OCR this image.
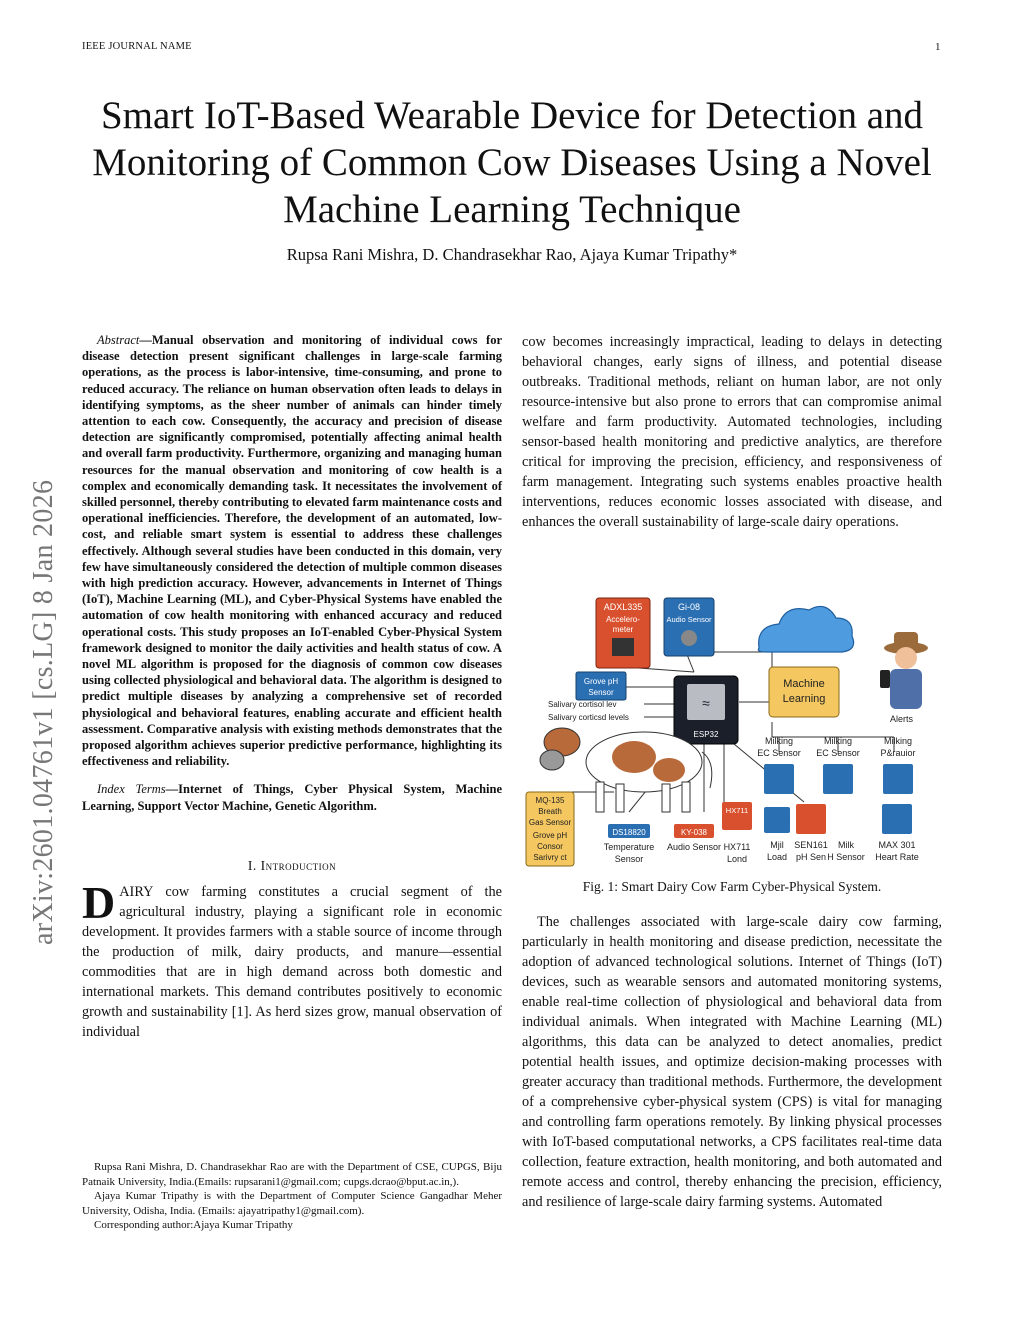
IEEE JOURNAL NAME	1
Smart IoT-Based Wearable Device for Detection and Monitoring of Common Cow Diseases Using a Novel Machine Learning Technique
Rupsa Rani Mishra, D. Chandrasekhar Rao, Ajaya Kumar Tripathy*
arXiv:2601.04761v1 [cs.LG] 8 Jan 2026

Abstract—Manual observation and monitoring of individual cows for disease detection present significant challenges in large-scale farming operations, as the process is labor-intensive, time-consuming, and prone to reduced accuracy. The reliance on human observation often leads to delays in identifying symptoms, as the sheer number of animals can hinder timely attention to each cow. Consequently, the accuracy and precision of disease detection are significantly compromised, potentially affecting animal health and overall farm productivity. Furthermore, organizing and managing human resources for the manual observation and monitoring of cow health is a complex and economically demanding task. It necessitates the involvement of skilled personnel, thereby contributing to elevated farm maintenance costs and operational inefficiencies. Therefore, the development of an automated, low-cost, and reliable smart system is essential to address these challenges effectively. Although several studies have been conducted in this domain, very few have simultaneously considered the detection of multiple common diseases with high prediction accuracy. However, advancements in Internet of Things (IoT), Machine Learning (ML), and Cyber-Physical Systems have enabled the automation of cow health monitoring with enhanced accuracy and reduced operational costs. This study proposes an IoT-enabled Cyber-Physical System framework designed to monitor the daily activities and health status of cow. A novel ML algorithm is proposed for the diagnosis of common cow diseases using collected physiological and behavioral data. The algorithm is designed to predict multiple diseases by analyzing a comprehensive set of recorded physiological and behavioral features, enabling accurate and efficient health assessment. Comparative analysis with existing methods demonstrates that the proposed algorithm achieves superior predictive performance, highlighting its effectiveness and reliability.

Index Terms—Internet of Things, Cyber Physical System, Machine Learning, Support Vector Machine, Genetic Algorithm.

I. Introduction

DAIRY cow farming constitutes a crucial segment of the agricultural industry, playing a significant role in economic development. It provides farmers with a stable source of income through the production of milk, dairy products, and manure—essential commodities that are in high demand across both domestic and international markets. This demand contributes positively to economic growth and sustainability [1]. As herd sizes grow, manual observation of individual

Rupsa Rani Mishra, D. Chandrasekhar Rao are with the Department of CSE, CUPGS, Biju Patnaik University, India.(Emails: rupsarani1@gmail.com; cupgs.dcrao@bput.ac.in,).

Ajaya Kumar Tripathy is with the Department of Computer Science Gangadhar Meher University, Odisha, India. (Emails: ajayatripathy1@gmail.com).

Corresponding author:Ajaya Kumar Tripathy

cow becomes increasingly impractical, leading to delays in detecting behavioral changes, early signs of illness, and potential disease outbreaks. Traditional methods, reliant on human labor, are not only resource-intensive but also prone to errors that can compromise animal welfare and farm productivity. Automated technologies, including sensor-based health monitoring and predictive analytics, are therefore critical for improving the precision, efficiency, and responsiveness of farm management. Integrating such systems enables proactive health interventions, reduces economic losses associated with disease, and enhances the overall sustainability of large-scale dairy operations.

The challenges associated with large-scale dairy cow farming, particularly in health monitoring and disease prediction, necessitate the adoption of advanced technological solutions. Internet of Things (IoT) devices, such as wearable sensors and automated monitoring systems, enable real-time collection of physiological and behavioral data from individual animals. When integrated with Machine Learning (ML) algorithms, this data can be analyzed to detect anomalies, predict potential health issues, and optimize decision-making processes with greater accuracy than traditional methods. Furthermore, the development of a comprehensive cyber-physical system (CPS) is vital for managing and controlling farm operations remotely. By linking physical processes with IoT-based computational networks, a CPS facilitates real-time data collection, feature extraction, health monitoring, and both automated and remote access and control, thereby enhancing the precision, efficiency, and resilience of large-scale dairy farming systems. Automated

ADXL335
Accelero-
meter
Gi-08
Audio Sensor
Grove pH
Sensor
Salivary cortisol lev
Salivary corticsd levels
≈
ESP32
Machine
Learning
Alerts
Milking
EC Sensor
Milking
EC Sensor
Milking
P&rauior
MQ-135
Breath
Gas Sensor
Grove pH
Consor
Sarivry ct
DS18820
Temperature
Sensor
KY-038
Audio Sensor
HX711
HX711
Lond
Mjil
Load
SEN161
pH Sen
Milk
H Sensor
MAX 301
Heart Rate
Fig. 1: Smart Dairy Cow Farm Cyber-Physical System.
